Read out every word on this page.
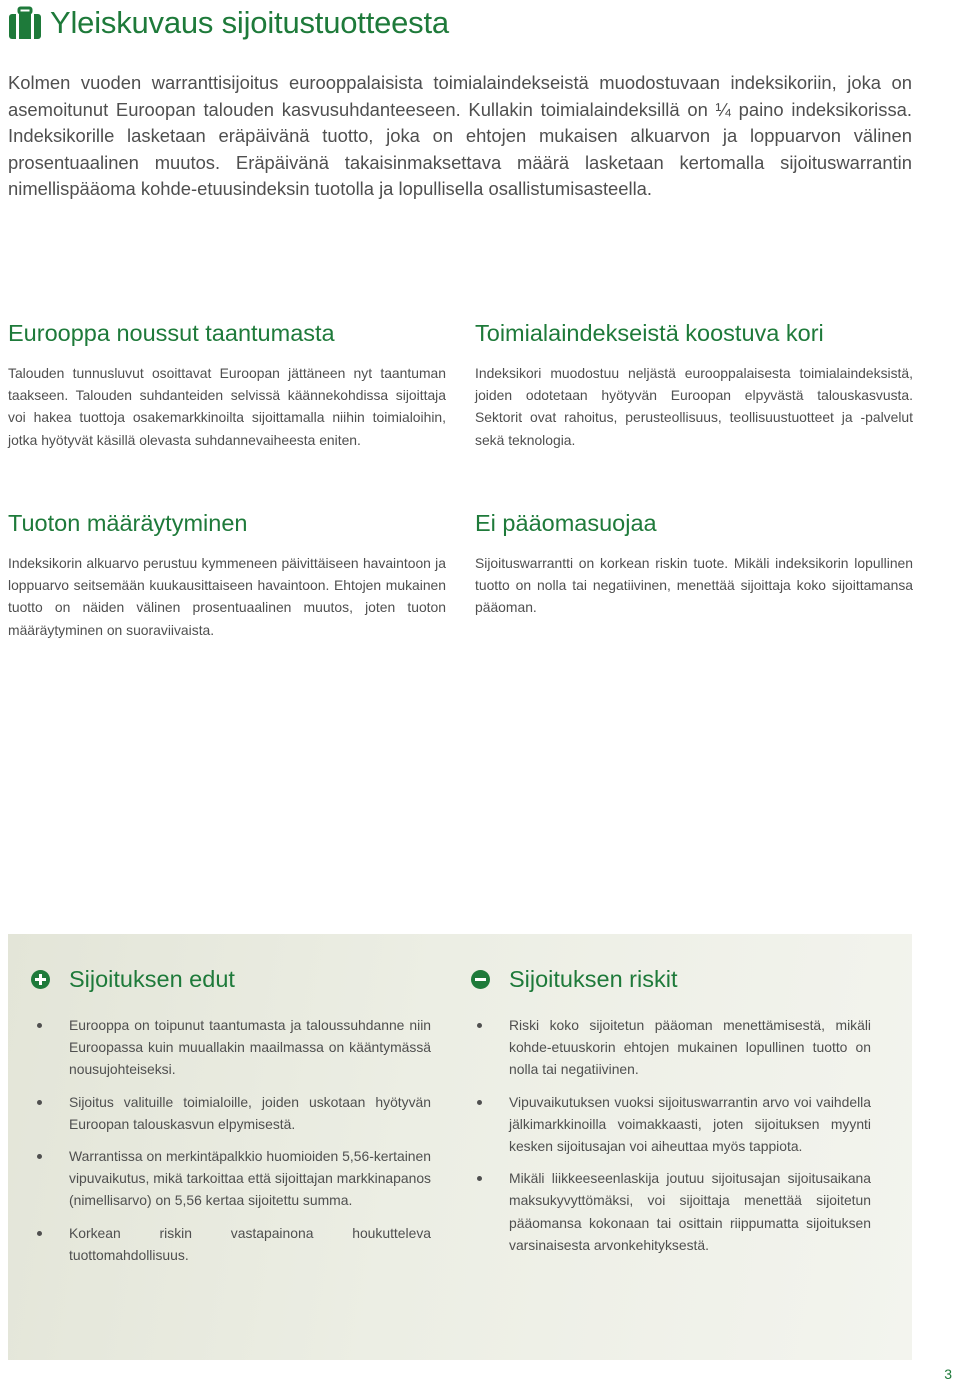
Yleiskuvaus sijoitustuotteesta

Kolmen vuoden warranttisijoitus eurooppalaisista toimialaindekseistä muodostuvaan indeksikoriin, joka on asemoitunut Euroopan talouden kasvusuhdanteeseen. Kullakin toimialaindeksillä on ¼ paino indeksikorissa. Indeksikorille lasketaan eräpäivänä tuotto, joka on ehtojen mukaisen alkuarvon ja loppuarvon välinen prosentuaalinen muutos. Eräpäivänä takaisinmaksettava määrä lasketaan kertomalla sijoituswarrantin nimellispääoma kohde-etuusindeksin tuotolla ja lopullisella osallistumisasteella.

Eurooppa noussut taantumasta

Talouden tunnusluvut osoittavat Euroopan jättäneen nyt taantuman taakseen. Talouden suhdanteiden selvissä käännekohdissa sijoittaja voi hakea tuottoja osakemarkkinoilta sijoittamalla niihin toimialoihin, jotka hyötyvät käsillä olevasta suhdannevaiheesta eniten.

Toimialaindekseistä koostuva kori

Indeksikori muodostuu neljästä eurooppalaisesta toimialaindeksistä, joiden odotetaan hyötyvän Euroopan elpyvästä talouskasvusta. Sektorit ovat rahoitus, perusteollisuus, teollisuustuotteet ja -palvelut sekä teknologia.

Tuoton määräytyminen

Indeksikorin alkuarvo perustuu kymmeneen päivittäiseen havaintoon ja loppuarvo seitsemään kuukausittaiseen havaintoon. Ehtojen mukainen tuotto on näiden välinen prosentuaalinen muutos, joten tuoton määräytyminen on suoraviivaista.

Ei pääomasuojaa

Sijoituswarrantti on korkean riskin tuote. Mikäli indeksikorin lopullinen tuotto on nolla tai negatiivinen, menettää sijoittaja koko sijoittamansa pääoman.

Sijoituksen edut
Eurooppa on toipunut taantumasta ja taloussuhdanne niin Euroopassa kuin muuallakin maailmassa on kääntymässä nousujohteiseksi.
Sijoitus valituille toimialoille, joiden uskotaan hyötyvän Euroopan talouskasvun elpymisestä.
Warrantissa on merkintäpalkkio huomioiden 5,56-kertainen vipuvaikutus, mikä tarkoittaa että sijoittajan markkinapanos (nimellisarvo) on 5,56 kertaa sijoitettu summa.
Korkean riskin vastapainona houkutteleva tuottomahdollisuus.
Sijoituksen riskit
Riski koko sijoitetun pääoman menettämisestä, mikäli kohde-etuuskorin ehtojen mukainen lopullinen tuotto on nolla tai negatiivinen.
Vipuvaikutuksen vuoksi sijoituswarrantin arvo voi vaihdella jälkimarkkinoilla voimakkaasti, joten sijoituksen myynti kesken sijoitusajan voi aiheuttaa myös tappiota.
Mikäli liikkeeseenlaskija joutuu sijoitusajan sijoitusaikana maksukyvyttömäksi, voi sijoittaja menettää sijoitetun pääomansa kokonaan tai osittain riippumatta sijoituksen varsinaisesta arvonkehityksestä.
3
